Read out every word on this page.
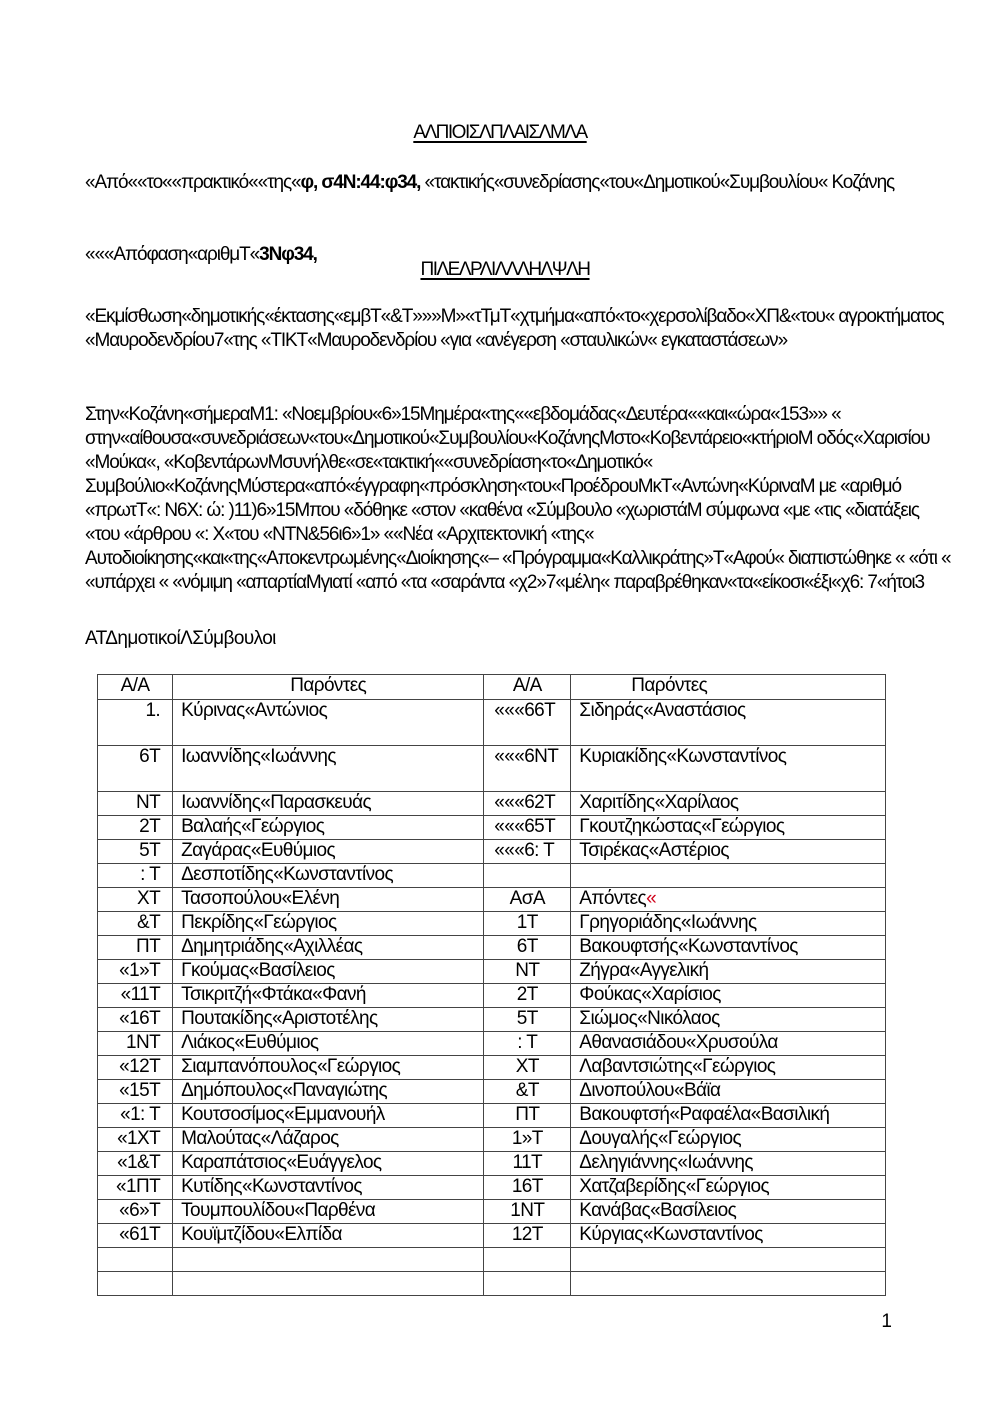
ΑΛΠΙΟΙΣΛΠΛΑΙΣΛΜΛΑ
«Από««το««πρακτικό««της«φ, σ4Ν:44:φ34, «τακτικής«συνεδρίασης«του«Δημοτικού«Συμβουλίου« Κοζάνης
«««Απόφαση«αριθμΤ«3Νφ34,
ΠΙΛΕΛΡΛΙΛΛΛΗΛΨΛΗ
«Εκμίσθωση«δημοτικής«έκτασης«εμβΤ«&Τ»»»Μ»«τΤμΤ«χτμήμα«από«το«χερσολίβαδο«ΧΠ&«του« αγροκτήματος «Μαυροδενδρίου7«της «ΤΙΚΤ«Μαυροδενδρίου «για «ανέγερση «σταυλικών« εγκαταστάσεων»
Στην«Κοζάνη«σήμεραΜ1: «Νοεμβρίου«6»15Μημέρα«της««εβδομάδας«Δευτέρα««και«ώρα«153»» « στην«αίθουσα«συνεδριάσεων«του«Δημοτικού«Συμβουλίου«ΚοζάνηςΜστο«Κοβεντάρειο«κτήριοΜ οδός«Χαρισίου «Μούκα«, «ΚοβεντάρωνΜσυνήλθε«σε«τακτική««συνεδρίαση«το«Δημοτικό« Συμβούλιο«ΚοζάνηςΜύστερα«από«έγγραφη«πρόσκληση«του«ΠροέδρουΜκΤ«Αντώνη«ΚύριναΜ με «αριθμό «πρωτΤ«: Ν6Χ: ώ: )11)6»15Μπου «δόθηκε «στον «καθένα «Σύμβουλο «χωριστάΜ σύμφωνα «με «τις «διατάξεις «του «άρθρου «: Χ«του «ΝΤΝ&56ι6»1» ««Νέα «Αρχιτεκτονική «της« Αυτοδιοίκησης«και«της«Αποκεντρωμένης«Διοίκησης«– «Πρόγραμμα«Καλλικράτης»Τ«Αφού« διαπιστώθηκε « «ότι « «υπάρχει « «νόμιμη «απαρτίαΜγιατί «από «τα «σαράντα «χ2»7«μέλη« παραβρέθηκαν«τα«είκοσι«έξι«χ6: 7«ήτοι3
ΑΤΔημοτικοίΛΣύμβουλοι
Α/Α	Παρόντες	Α/Α	Παρόντες
1.	Κύρινας«Αντώνιος	«««66Τ	Σιδηράς«Αναστάσιος
6Τ	Ιωαννίδης«Ιωάννης	«««6ΝΤ	Κυριακίδης«Κωνσταντίνος
ΝΤ	Ιωαννίδης«Παρασκευάς	«««62Τ	Χαριτίδης«Χαρίλαος
2Τ	Βαλαής«Γεώργιος	«««65Τ	Γκουτζηκώστας«Γεώργιος
5Τ	Ζαγάρας«Ευθύμιος	«««6: Τ	Τσιρέκας«Αστέριος
: Τ	Δεσποτίδης«Κωνσταντίνος		
ΧΤ	Τασοπούλου«Ελένη	ΑσΑ	Απόντες«
&Τ	Πεκρίδης«Γεώργιος	1Τ	Γρηγοριάδης«Ιωάννης
ΠΤ	Δημητριάδης«Αχιλλέας	6Τ	Βακουφτσής«Κωνσταντίνος
«1»Τ	Γκούμας«Βασίλειος	ΝΤ	Ζήγρα«Αγγελική
«11Τ	Τσικριτζή«Φτάκα«Φανή	2Τ	Φούκας«Χαρίσιος
«16Τ	Πουτακίδης«Αριστοτέλης	5Τ	Σιώμος«Νικόλαος
1ΝΤ	Λιάκος«Ευθύμιος	: Τ	Αθανασιάδου«Χρυσούλα
«12Τ	Σιαμπανόπουλος«Γεώργιος	ΧΤ	Λαβαντσιώτης«Γεώργιος
«15Τ	Δημόπουλος«Παναγιώτης	&Τ	Δινοπούλου«Βάϊα
«1: Τ	Κουτσοσίμος«Εμμανουήλ	ΠΤ	Βακουφτσή«Ραφαέλα«Βασιλική
«1ΧΤ	Μαλούτας«Λάζαρος	1»Τ	Δουγαλής«Γεώργιος
«1&Τ	Καραπάτσιος«Ευάγγελος	11Τ	Δεληγιάννης«Ιωάννης
«1ΠΤ	Κυτίδης«Κωνσταντίνος	16Τ	Χατζαβερίδης«Γεώργιος
«6»Τ	Τουμπουλίδου«Παρθένα	1ΝΤ	Κανάβας«Βασίλειος
«61Τ	Κουϊμτζίδου«Ελπίδα	12Τ	Κύργιας«Κωνσταντίνος

1
